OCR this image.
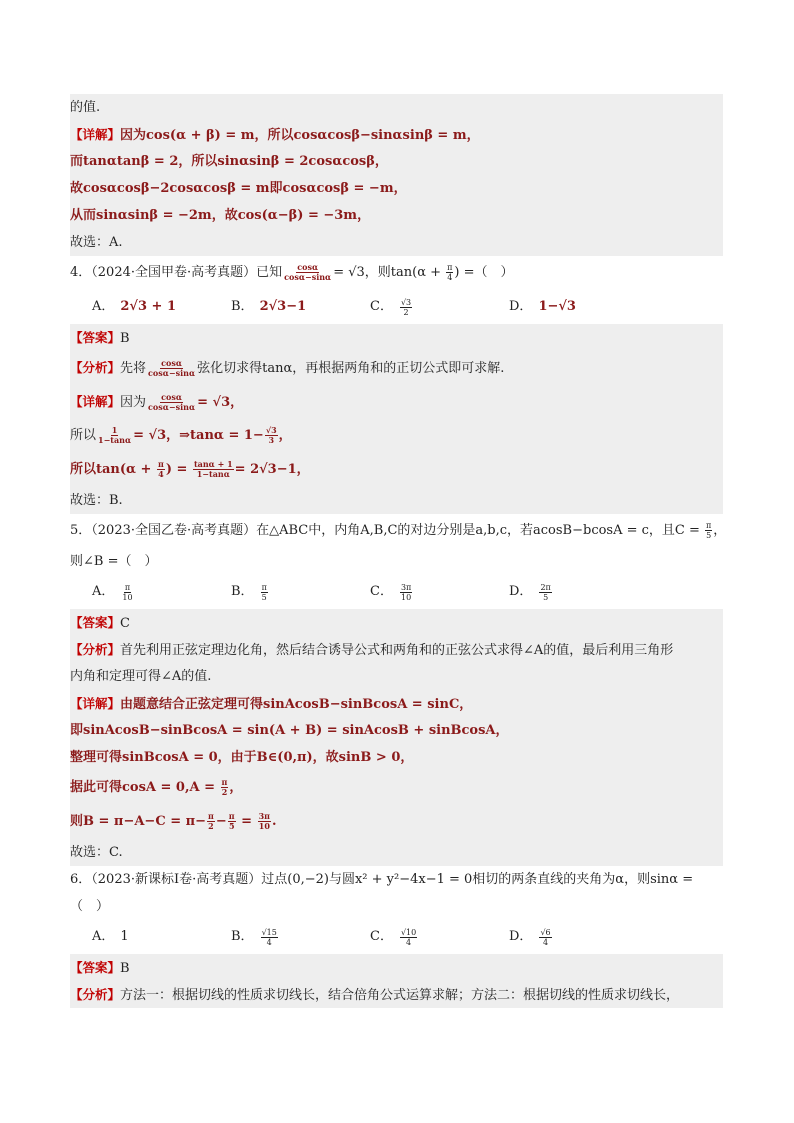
的值.
【详解】因为cos(α + β) = m，所以cosαcosβ−sinαsinβ = m，
而tanαtanβ = 2，所以sinαsinβ = 2cosαcosβ，
故cosαcosβ−2cosαcosβ = m即cosαcosβ = −m，
从而sinαsinβ = −2m，故cos(α−β) = −3m，
故选：A.
4．（2024·全国甲卷·高考真题）已知 $\frac{\cos\alpha}{\cos\alpha-\sin\alpha} = √3$，则$\tan(\alpha + \frac{\pi}{4}$ ) =（　）
A． 2√3 + 1	B． 2√3−1	C． $\frac{√3}{2}$	D． 1−√3
【答案】B
【分析】先将 $\frac{\cos\alpha}{\cos\alpha-\sin\alpha}$ 弦化切求得tanα，再根据两角和的正切公式即可求解.
【详解】因为 $\frac{\cos\alpha}{\cos\alpha-\sin\alpha} = √3$，
所以 $\frac{1}{1-\tan\alpha} = √3$，⇒tanα = $1- \frac{√3}{3}$ ，
所以$\tan(\alpha + \frac{\pi}{4}$ ) = $\frac{\tan\alpha + 1}{1-\tan\alpha} = 2√3-1$，
故选：B.
5．（2023·全国乙卷·高考真题）在△ABC中，内角A,B,C的对边分别是a,b,c，若acosB−bcosA = c，且$C = \frac{\pi}{5}$ ，
则∠B =（　）
A． $\frac{\pi}{10}$	B． $\frac{\pi}{5}$	C． $\frac{3\pi}{10}$	D． $\frac{2\pi}{5}$
【答案】C
【分析】首先利用正弦定理边化角，然后结合诱导公式和两角和的正弦公式求得∠A的值，最后利用三角形
内角和定理可得∠A的值.
【详解】由题意结合正弦定理可得sinAcosB−sinBcosA = sinC，
即sinAcosB−sinBcosA = sin(A + B) = sinAcosB + sinBcosA，
整理可得sinBcosA = 0，由于B∈(0,π)，故sinB > 0，
据此可得$\cos A = 0,A = \frac{\pi}{2}$ ，
则$B = \pi-A-C = \pi- \frac{\pi}{2} - \frac{\pi}{5} = \frac{3\pi}{10}$ .
故选：C.
6．（2023·新课标Ⅰ卷·高考真题）过点(0,−2)与圆x² + y²−4x−1 = 0相切的两条直线的夹角为α，则sinα =
（　）
A． 1	B． $\frac{√15}{4}$	C． $\frac{√10}{4}$	D． $\frac{√6}{4}$
【答案】B
【分析】方法一：根据切线的性质求切线长，结合倍角公式运算求解；方法二：根据切线的性质求切线长，
